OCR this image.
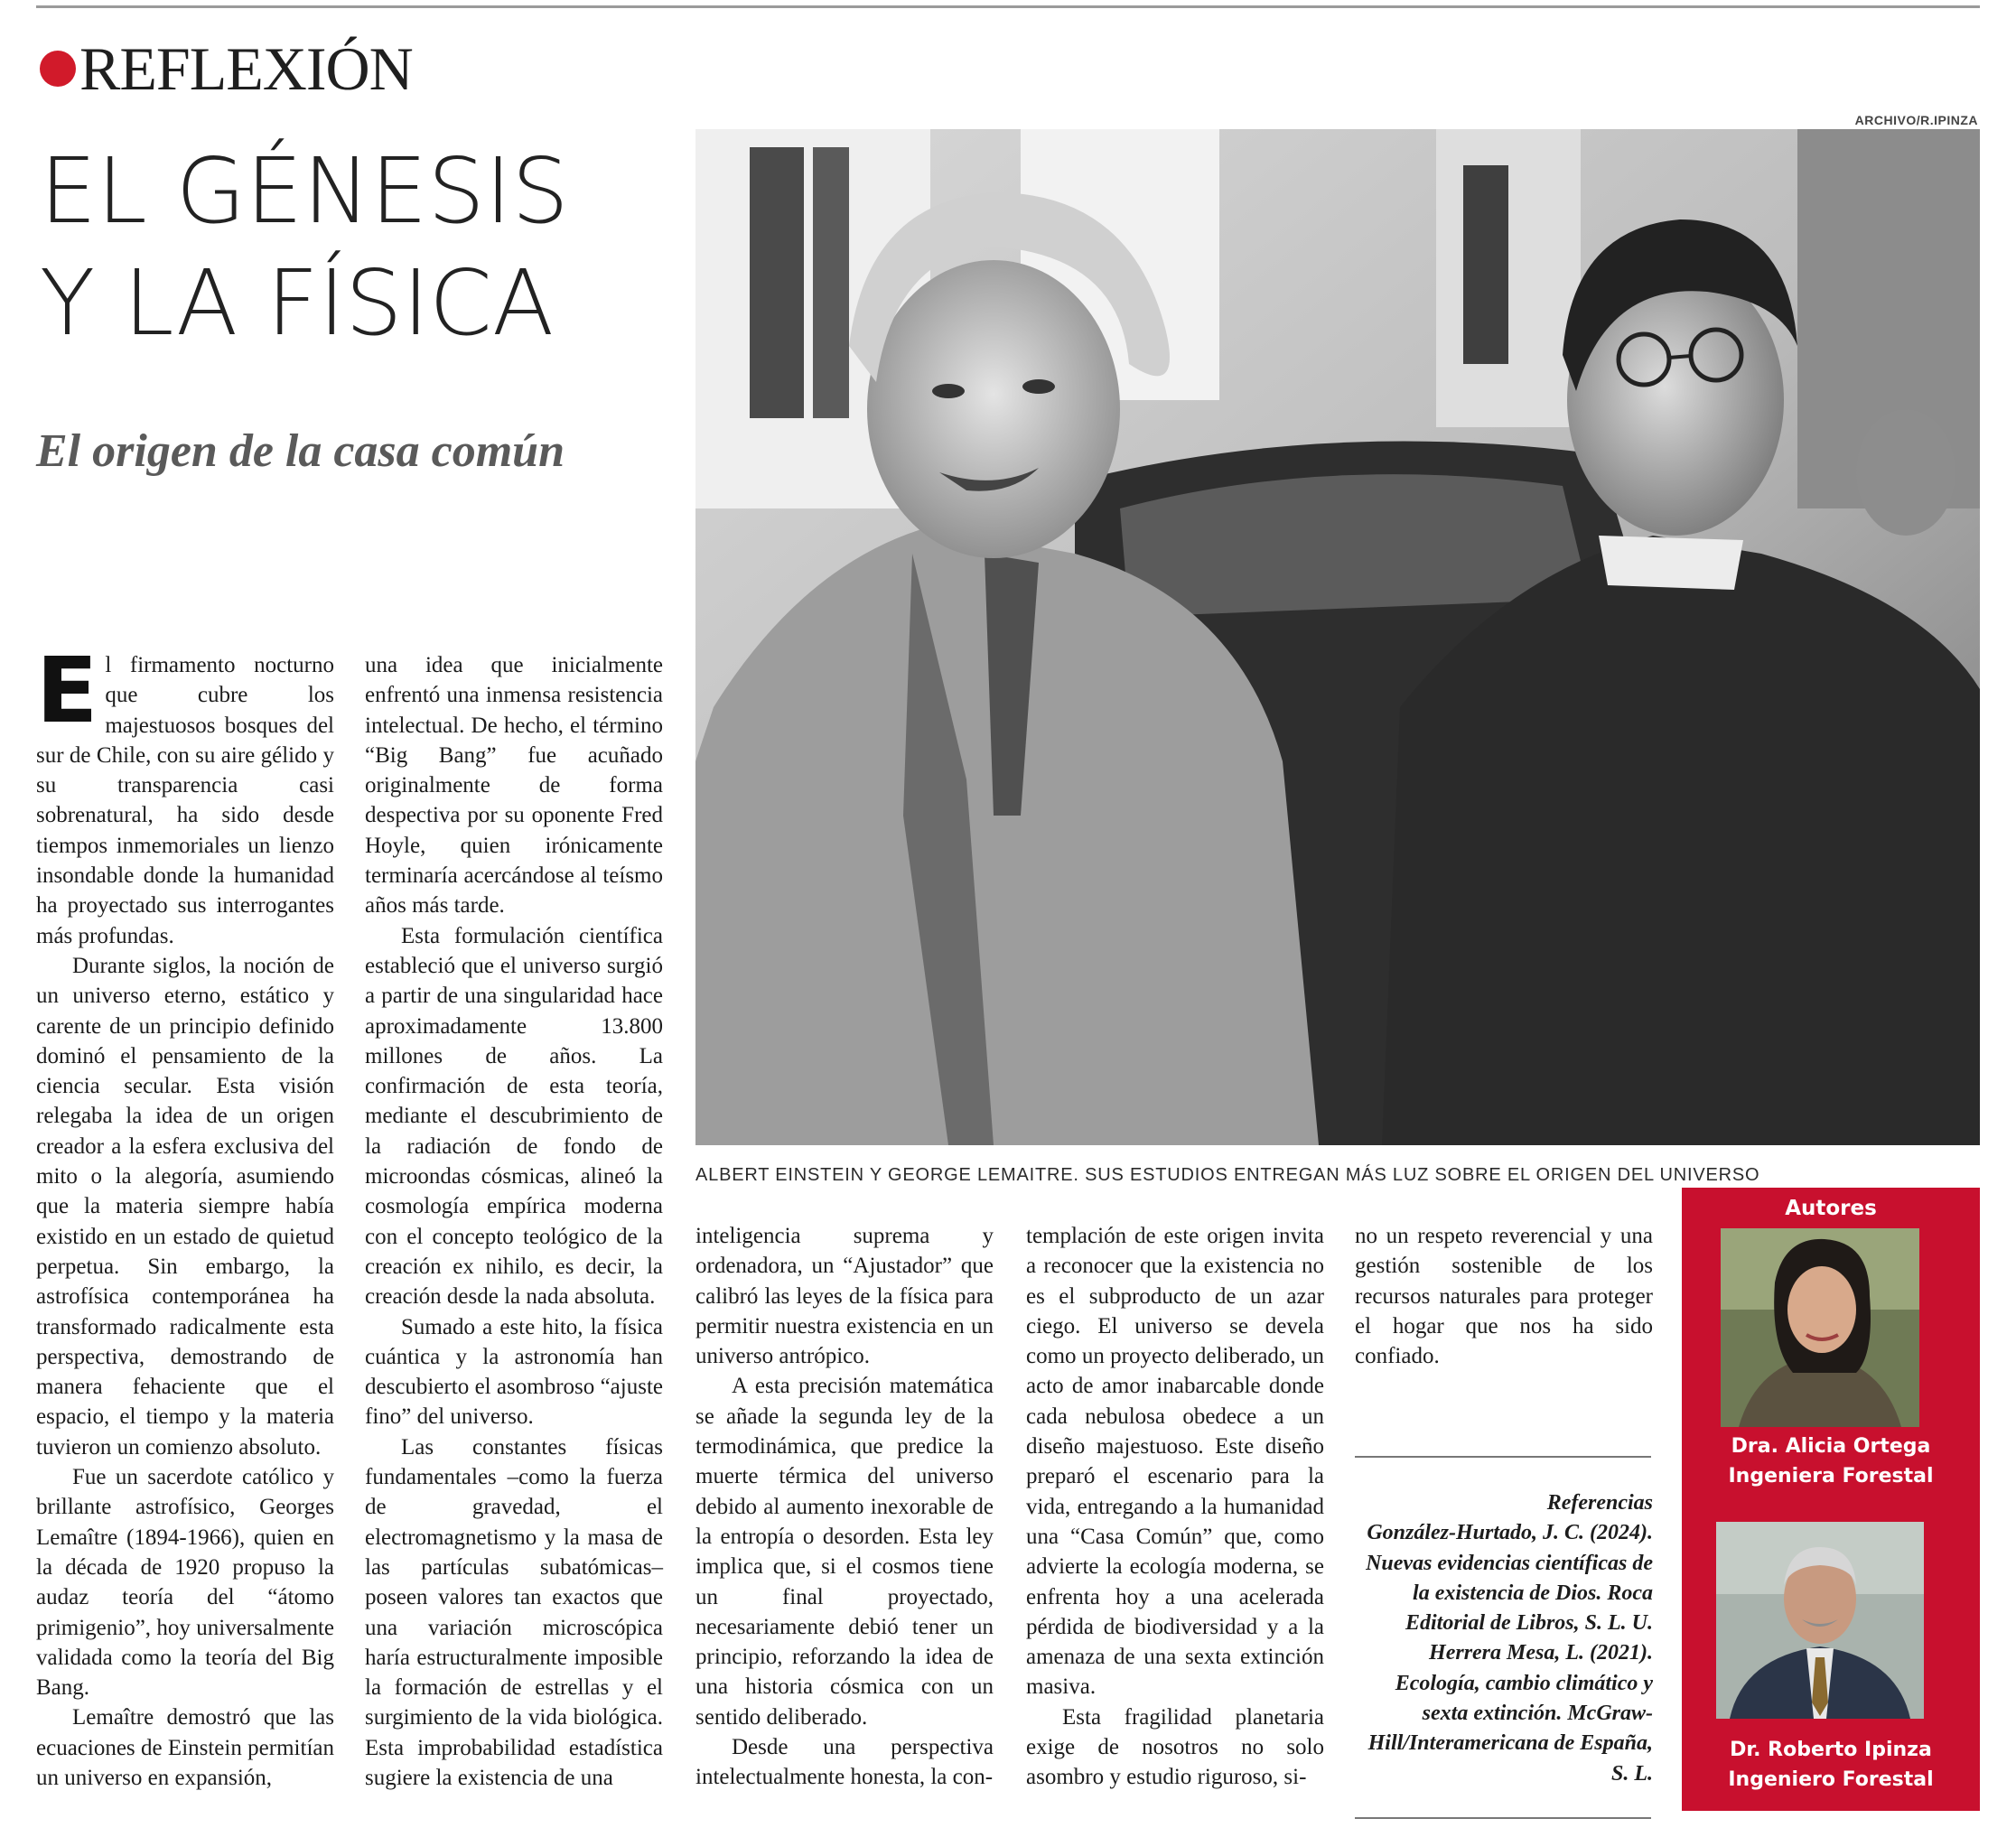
REFLEXIÓN
EL GÉNESIS
Y LA FÍSICA
El origen de la casa común
ARCHIVO/R.IPINZA
ALBERT EINSTEIN Y GEORGE LEMAITRE. SUS ESTUDIOS ENTREGAN MÁS LUZ SOBRE EL ORIGEN DEL UNIVERSO

El firmamento nocturno que cubre los majestuosos bosques del sur de Chile, con su aire gélido y su transparencia casi sobrenatural, ha sido desde tiempos inmemoriales un lienzo insondable donde la humanidad ha proyectado sus interrogantes más profundas.

Durante siglos, la noción de un universo eterno, estático y carente de un principio definido dominó el pensamiento de la ciencia secular. Esta visión relegaba la idea de un origen creador a la esfera exclusiva del mito o la alegoría, asumiendo que la materia siempre había existido en un estado de quietud perpetua. Sin embargo, la astrofísica contemporánea ha transformado radicalmente esta perspectiva, demostrando de manera fehaciente que el espacio, el tiempo y la materia tuvieron un comienzo absoluto.

Fue un sacerdote católico y brillante astrofísico, Georges Lemaître (1894-1966), quien en la década de 1920 propuso la audaz teoría del “átomo primigenio”, hoy universalmente validada como la teoría del Big Bang.

Lemaître demostró que las ecuaciones de Einstein permitían un universo en expansión,

una idea que inicialmente enfrentó una inmensa resistencia intelectual. De hecho, el término “Big Bang” fue acuñado originalmente de forma despectiva por su oponente Fred Hoyle, quien irónicamente terminaría acercándose al teísmo años más tarde.

Esta formulación científica estableció que el universo surgió a partir de una singularidad hace aproximadamente 13.800 millones de años. La confirmación de esta teoría, mediante el descubrimiento de la radiación de fondo de microondas cósmicas, alineó la cosmología empírica moderna con el concepto teológico de la creación ex nihilo, es decir, la creación desde la nada absoluta.

Sumado a este hito, la física cuántica y la astronomía han descubierto el asombroso “ajuste fino” del universo.

Las constantes físicas fundamentales –como la fuerza de gravedad, el electromagnetismo y la masa de las partículas subatómicas– poseen valores tan exactos que una variación microscópica haría estructuralmente imposible la formación de estrellas y el surgimiento de la vida biológica. Esta improbabilidad estadística sugiere la existencia de una

inteligencia suprema y ordenadora, un “Ajustador” que calibró las leyes de la física para permitir nuestra existencia en un universo antrópico.

A esta precisión matemática se añade la segunda ley de la termodinámica, que predice la muerte térmica del universo debido al aumento inexorable de la entropía o desorden. Esta ley implica que, si el cosmos tiene un final proyectado, necesariamente debió tener un principio, reforzando la idea de una historia cósmica con un sentido deliberado.

Desde una perspectiva intelectualmente honesta, la con-

templación de este origen invita a reconocer que la existencia no es el subproducto de un azar ciego. El universo se devela como un proyecto deliberado, un acto de amor inabarcable donde cada nebulosa obedece a un diseño majestuoso. Este diseño preparó el escenario para la vida, entregando a la humanidad una “Casa Común” que, como advierte la ecología moderna, se enfrenta hoy a una acelerada pérdida de biodiversidad y a la amenaza de una sexta extinción masiva.

Esta fragilidad planetaria exige de nosotros no solo asombro y estudio riguroso, si-

no un respeto reverencial y una gestión sostenible de los recursos naturales para proteger el hogar que nos ha sido confiado.

Referencias
González-Hurtado, J. C. (2024). Nuevas evidencias científicas de la existencia de Dios. Roca Editorial de Libros, S. L. U.
Herrera Mesa, L. (2021). Ecología, cambio climático y sexta extinción. McGraw-Hill/Interamericana de España, S. L.
Autores
Dra. Alicia Ortega
Ingeniera Forestal
Dr. Roberto Ipinza
Ingeniero Forestal
